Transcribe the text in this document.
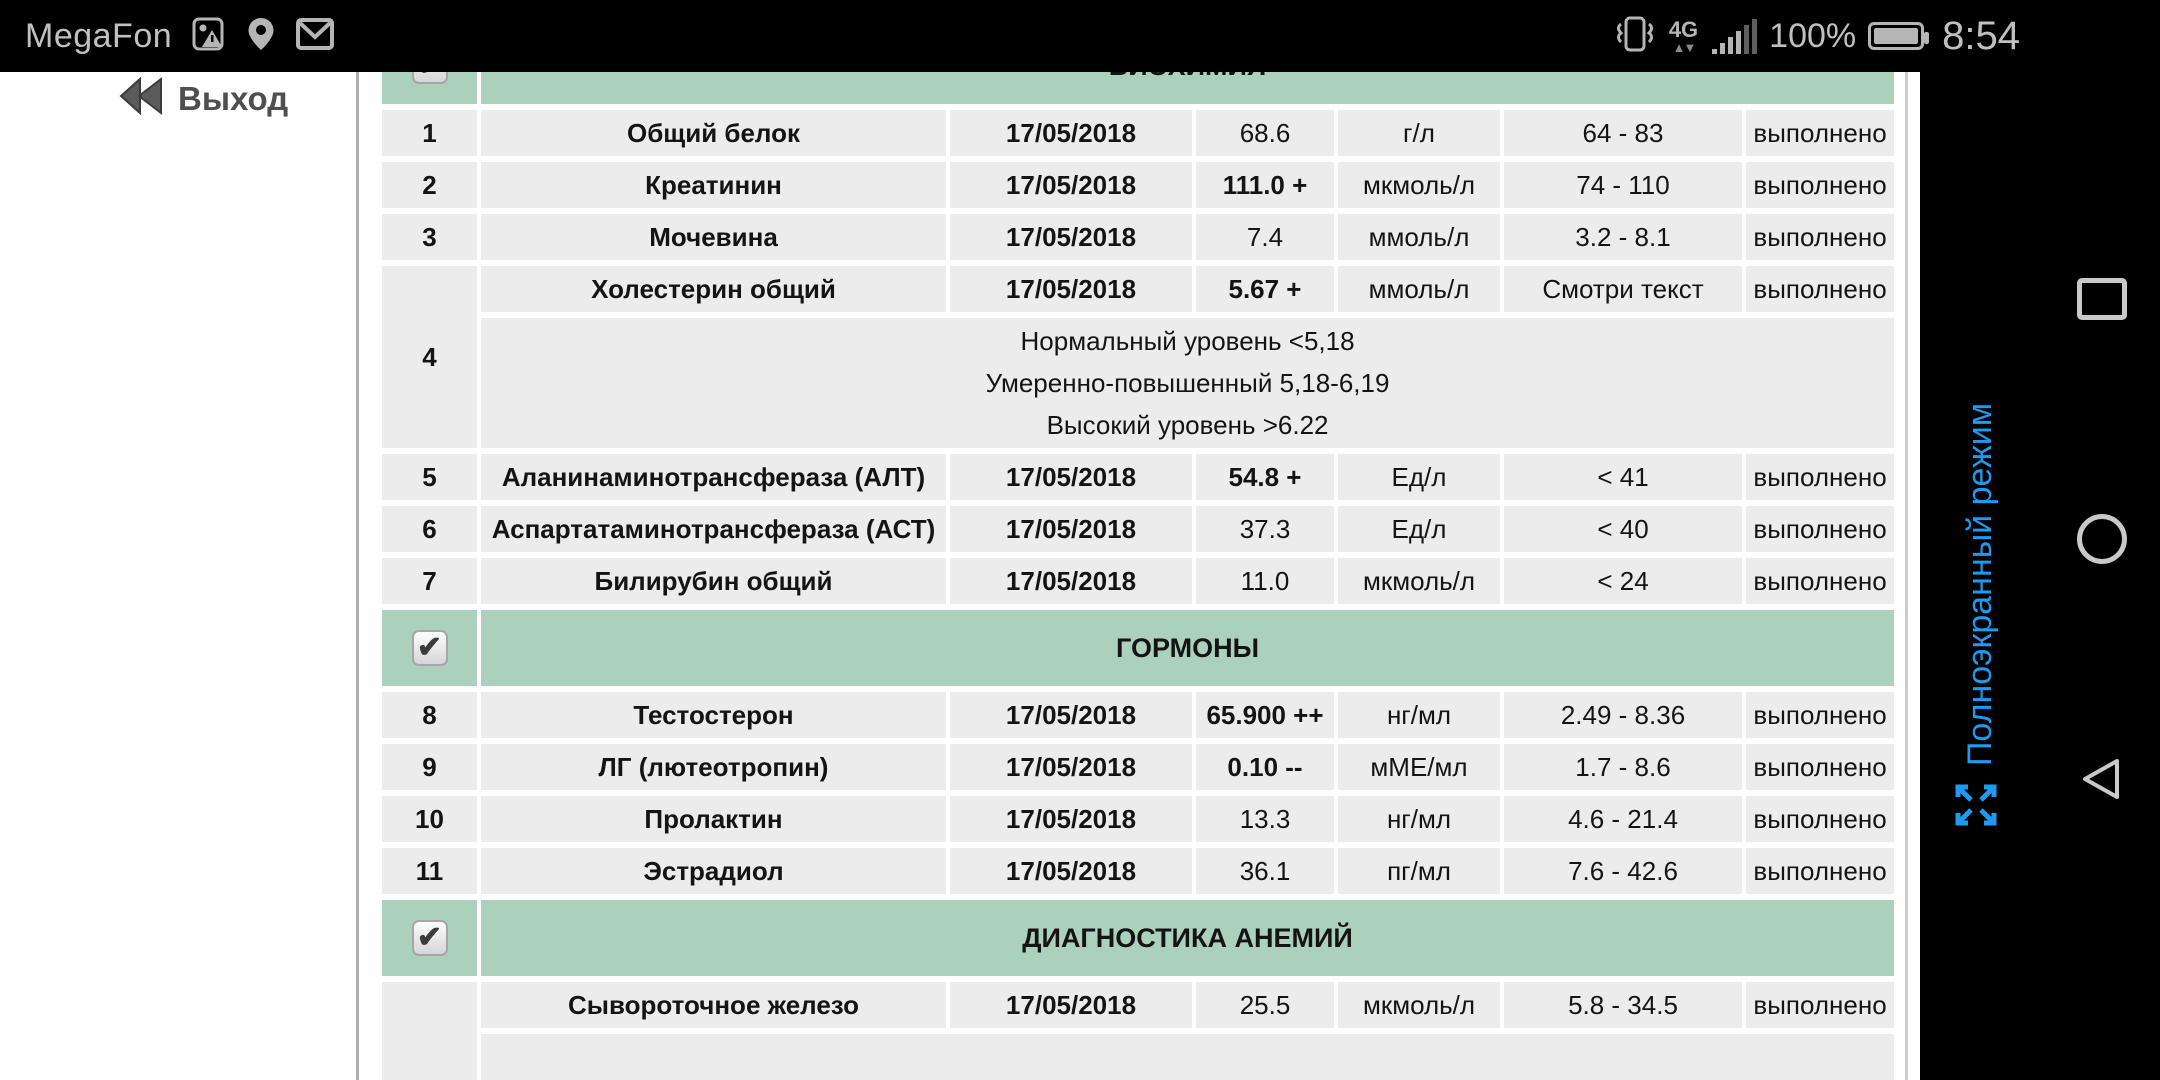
✔

1	Общий белок	17/05/2018	68.6	г/л	64 - 83	выполнено
2	Креатинин	17/05/2018	111.0 +	мкмоль/л	74 - 110	выполнено
3	Мочевина	17/05/2018	7.4	ммоль/л	3.2 - 8.1	выполнено
4	Холестерин общий	17/05/2018	5.67 +	ммоль/л	Смотри текст	выполнено

	Нормальный уровень <5,18
Умеренно-повышенный 5,18-6,19
Высокий уровень >6.22					

5	Аланинаминотрансфераза (АЛТ)	17/05/2018	54.8 +	Ед/л	< 41	выполнено
6	Аспартатаминотрансфераза (АСТ)	17/05/2018	37.3	Ед/л	< 40	выполнено
7	Билирубин общий	17/05/2018	11.0	мкмоль/л	< 24	выполнено

✔
	ГОРМОНЫ					
8	Тестостерон	17/05/2018	65.900 ++	нг/мл	2.49 - 8.36	выполнено
9	ЛГ (лютеотропин)	17/05/2018	0.10 --	мМЕ/мл	1.7 - 8.6	выполнено
10	Пролактин	17/05/2018	13.3	нг/мл	4.6 - 21.4	выполнено
11	Эстрадиол	17/05/2018	36.1	пг/мл	7.6 - 42.6	выполнено

✔
	ДИАГНОСТИКА АНЕМИЙ					
	Сывороточное железо	17/05/2018	25.5	мкмоль/л	5.8 - 34.5	выполнено

Выход
Полноэкранный режим
MegaFon	4G
▲▼ 100% 8:54
